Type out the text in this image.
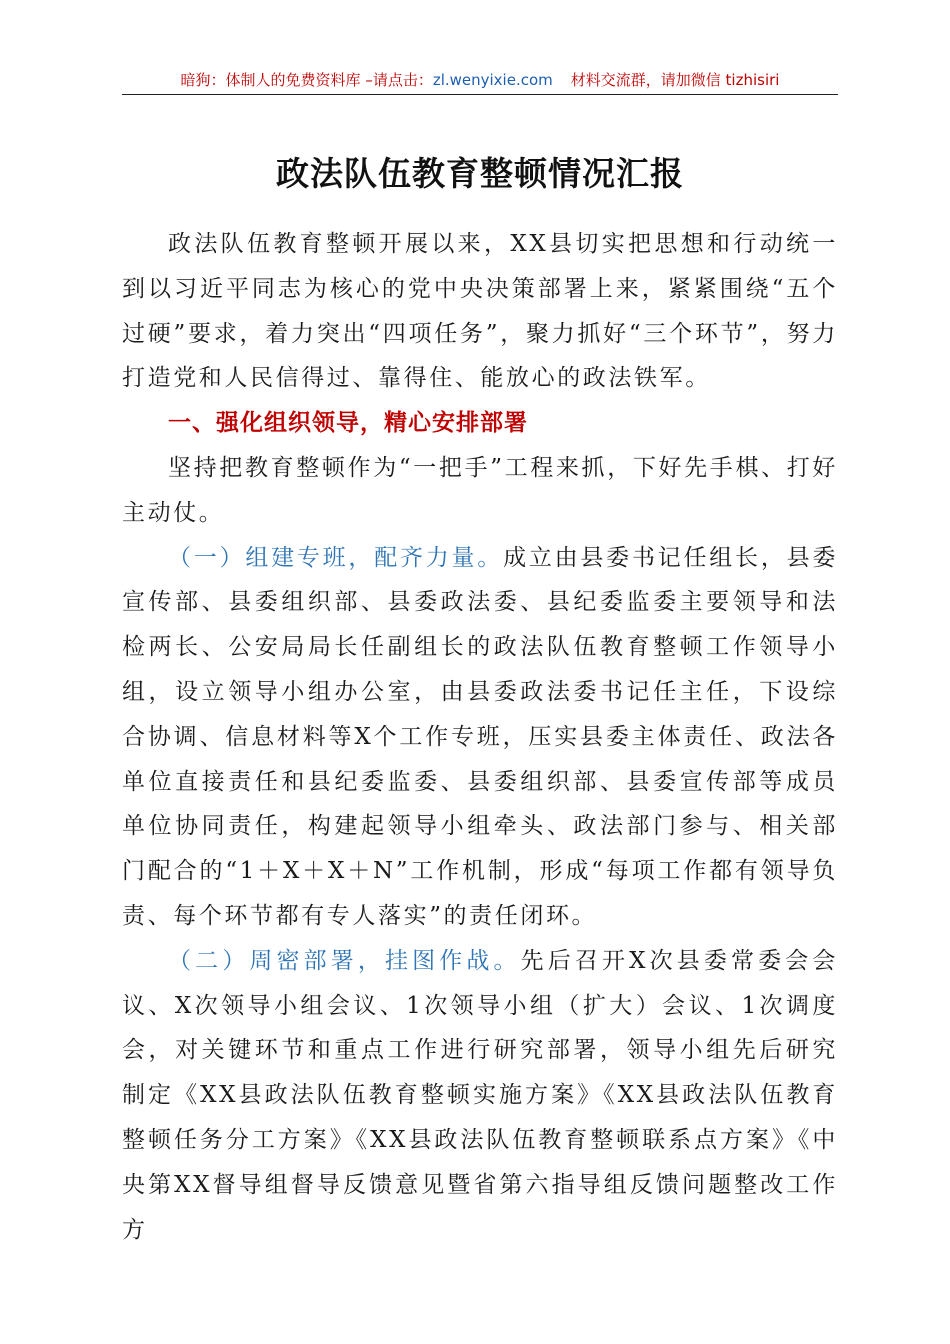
暗狗：体制人的免费资料库 –请点击：zl.wenyixie.com 材料交流群，请加微信 tizhisiri
政法队伍教育整顿情况汇报

政法队伍教育整顿开展以来，XX县切实把思想和行动统一到以习近平同志为核心的党中央决策部署上来，紧紧围绕“五个过硬”要求，着力突出“四项任务”，聚力抓好“三个环节”，努力打造党和人民信得过、靠得住、能放心的政法铁军。

一、强化组织领导，精心安排部署

坚持把教育整顿作为“一把手”工程来抓，下好先手棋、打好主动仗。

（一）组建专班，配齐力量。成立由县委书记任组长，县委宣传部、县委组织部、县委政法委、县纪委监委主要领导和法检两长、公安局局长任副组长的政法队伍教育整顿工作领导小组，设立领导小组办公室，由县委政法委书记任主任，下设综合协调、信息材料等X个工作专班，压实县委主体责任、政法各单位直接责任和县纪委监委、县委组织部、县委宣传部等成员单位协同责任，构建起领导小组牵头、政法部门参与、相关部门配合的“1＋X＋X＋N”工作机制，形成“每项工作都有领导负责、每个环节都有专人落实”的责任闭环。

（二）周密部署，挂图作战。先后召开X次县委常委会会议、X次领导小组会议、1次领导小组（扩大）会议、1次调度会，对关键环节和重点工作进行研究部署，领导小组先后研究制定《XX县政法队伍教育整顿实施方案》《XX县政法队伍教育整顿任务分工方案》《XX县政法队伍教育整顿联系点方案》《中央第XX督导组督导反馈意见暨省第六指导组反馈问题整改工作方
